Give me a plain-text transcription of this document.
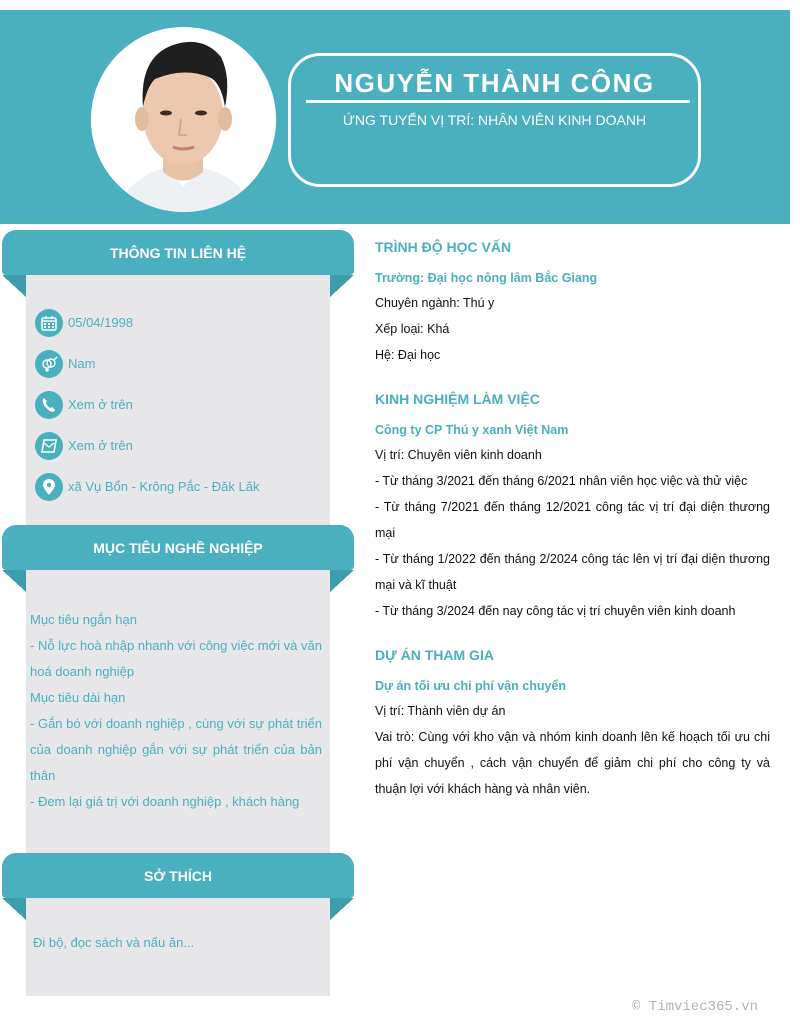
NGUYỄN THÀNH CÔNG
ỨNG TUYỂN VỊ TRÍ: NHÂN VIÊN KINH DOANH
THÔNG TIN LIÊN HỆ
05/04/1998
Nam
Xem ở trên
Xem ở trên
xã Vụ Bổn - Krông Pắc - Đăk Lăk
MỤC TIÊU NGHỀ NGHIỆP
Mục tiêu ngắn hạn
- Nỗ lực hoà nhập nhanh với công việc mới và văn hoá doanh nghiệp
Mục tiêu dài hạn
- Gắn bó với doanh nghiệp , cùng với sự phát triển của doanh nghiệp gắn với sự phát triển của bản thân
- Đem lại giá trị với doanh nghiệp , khách hàng
SỞ THÍCH
Đi bộ, đọc sách và nấu ăn...
TRÌNH ĐỘ HỌC VẤN
Trường: Đại học nông lâm Bắc Giang
Chuyên ngành: Thú y
Xếp loại: Khá
Hệ: Đại học
KINH NGHIỆM LÀM VIỆC
Công ty CP Thú y xanh Việt Nam
Vị trí: Chuyên viên kinh doanh
- Từ tháng 3/2021 đến tháng 6/2021 nhân viên học việc và thử việc
- Từ tháng 7/2021 đến tháng 12/2021 công tác vị trí đại diện thương mại
- Từ tháng 1/2022 đến tháng 2/2024 công tác lên vị trí đại diện thương mại và kĩ thuật
- Từ tháng 3/2024 đến nay công tác vị trí chuyên viên kinh doanh
DỰ ÁN THAM GIA
Dự án tối ưu chi phí vận chuyển
Vị trí: Thành viên dự án
Vai trò: Cùng với kho vận và nhóm kinh doanh lên kế hoạch tối ưu chi phí vận chuyển , cách vận chuyển để giảm chi phí cho công ty và thuận lợi với khách hàng và nhân viên.
© Timviec365.vn
